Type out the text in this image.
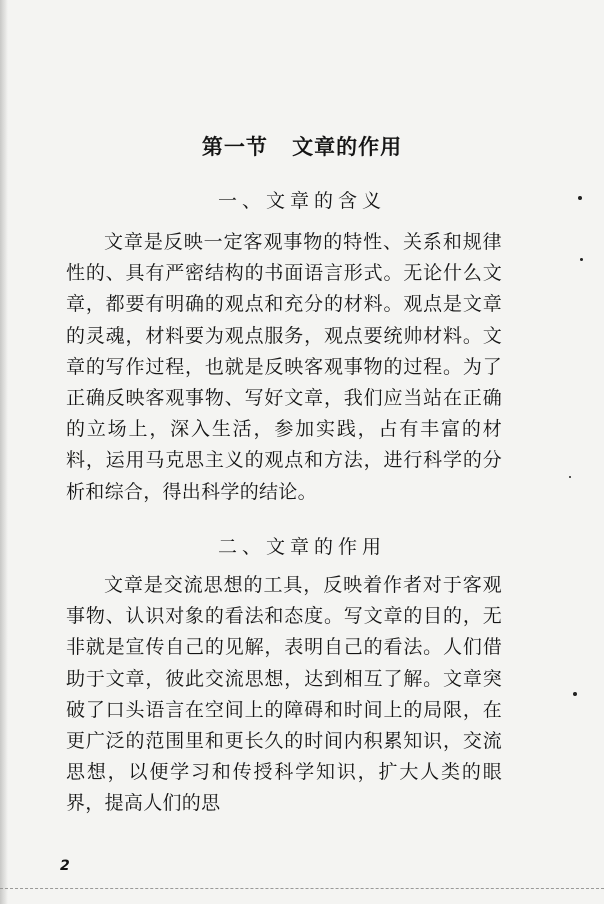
第一节 文章的作用
一、文章的含义

文章是反映一定客观事物的特性、关系和规律性的、具有严密结构的书面语言形式。无论什么文章，都要有明确的观点和充分的材料。观点是文章的灵魂，材料要为观点服务，观点要统帅材料。文章的写作过程，也就是反映客观事物的过程。为了正确反映客观事物、写好文章，我们应当站在正确的立场上，深入生活，参加实践，占有丰富的材料，运用马克思主义的观点和方法，进行科学的分析和综合，得出科学的结论。

二、文章的作用

文章是交流思想的工具，反映着作者对于客观事物、认识对象的看法和态度。写文章的目的，无非就是宣传自己的见解，表明自己的看法。人们借助于文章，彼此交流思想，达到相互了解。文章突破了口头语言在空间上的障碍和时间上的局限，在更广泛的范围里和更长久的时间内积累知识，交流思想，以便学习和传授科学知识，扩大人类的眼界，提高人们的思

2
